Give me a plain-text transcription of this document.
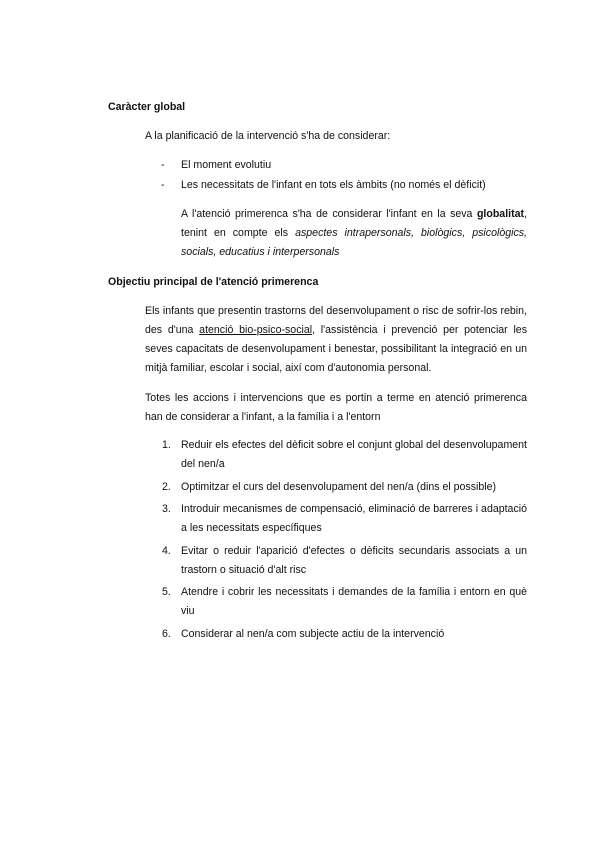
Caràcter global

A la planificació de la intervenció s'ha de considerar:

- El moment evolutiu
- Les necessitats de l'infant en tots els àmbits (no només el dèficit)

A l'atenció primerenca s'ha de considerar l'infant en la seva globalitat, tenint en compte els aspectes intrapersonals, biològics, psicològics, socials, educatius i interpersonals

Objectiu principal de l'atenció primerenca

Els infants que presentin trastorns del desenvolupament o risc de sofrir-los rebin, des d'una atenció bio-psico-social, l'assistència i prevenció per potenciar les seves capacitats de desenvolupament i benestar, possibilitant la integració en un mitjà familiar, escolar i social, així com d'autonomia personal.

Totes les accions i intervencions que es portin a terme en atenció primerenca han de considerar a l'infant, a la família i a l'entorn

1. Reduir els efectes del dèficit sobre el conjunt global del desenvolupament del nen/a
2. Optimitzar el curs del desenvolupament del nen/a (dins el possible)
3. Introduir mecanismes de compensació, eliminació de barreres i adaptació a les necessitats específiques
4. Evitar o reduir l'aparició d'efectes o dèficits secundaris associats a un trastorn o situació d'alt risc
5. Atendre i cobrir les necessitats i demandes de la família i entorn en què viu
6. Considerar al nen/a com subjecte actiu de la intervenció
